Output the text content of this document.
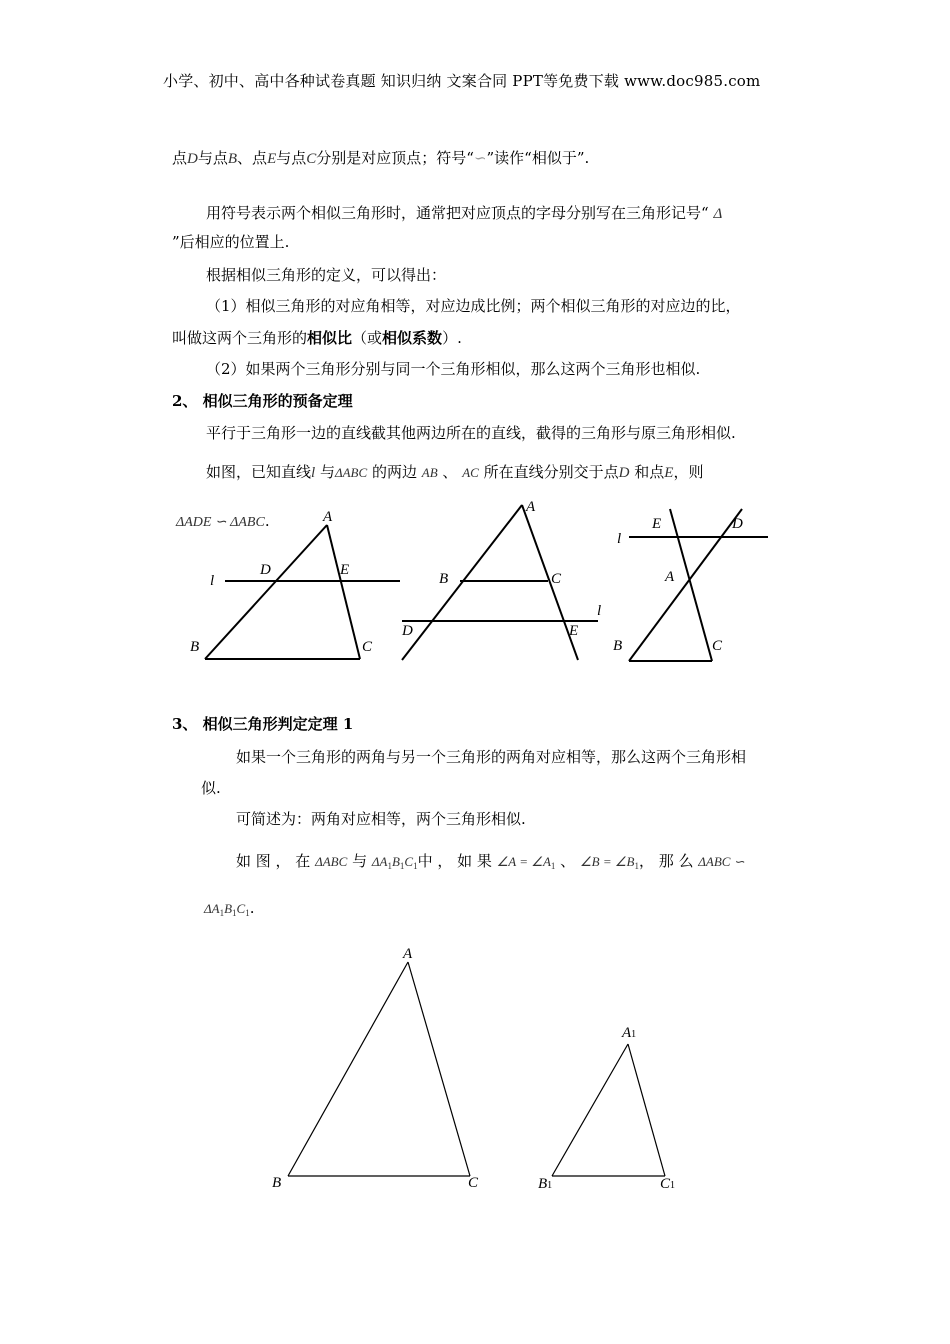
小学、初中、高中各种试卷真题 知识归纳 文案合同 PPT等免费下载 www.doc985.com
点D与点B、点E与点C分别是对应顶点；符号“∽”读作“相似于”.
用符号表示两个相似三角形时，通常把对应顶点的字母分别写在三角形记号“ Δ
”后相应的位置上.
根据相似三角形的定义，可以得出：
（1）相似三角形的对应角相等，对应边成比例；两个相似三角形的对应边的比，
叫做这两个三角形的相似比（或相似系数）.
（2）如果两个三角形分别与同一个三角形相似，那么这两个三角形也相似.
2、 相似三角形的预备定理
平行于三角形一边的直线截其他两边所在的直线，截得的三角形与原三角形相似.
如图，已知直线l 与ΔABC 的两边 AB 、 AC 所在直线分别交于点D 和点E，则
ΔADE ∽ ΔABC.	A
B	C
D	E
l
A
B	C
D	E
l
E	D
A
B	C
l
3、 相似三角形判定定理 1
如果一个三角形的两角与另一个三角形的两角对应相等，那么这两个三角形相
似.
可简述为：两角对应相等，两个三角形相似.
如 图 ， 在 ΔABC 与 $\Delta A_1B_1C_1$中 ， 如 果 ∠A = $\angle A_1$ 、 ∠B = $\angle B_1$， 那 么 ΔABC ∽
$\Delta A_1B_1C_1$.
A
B	C
A1
B1	C1
